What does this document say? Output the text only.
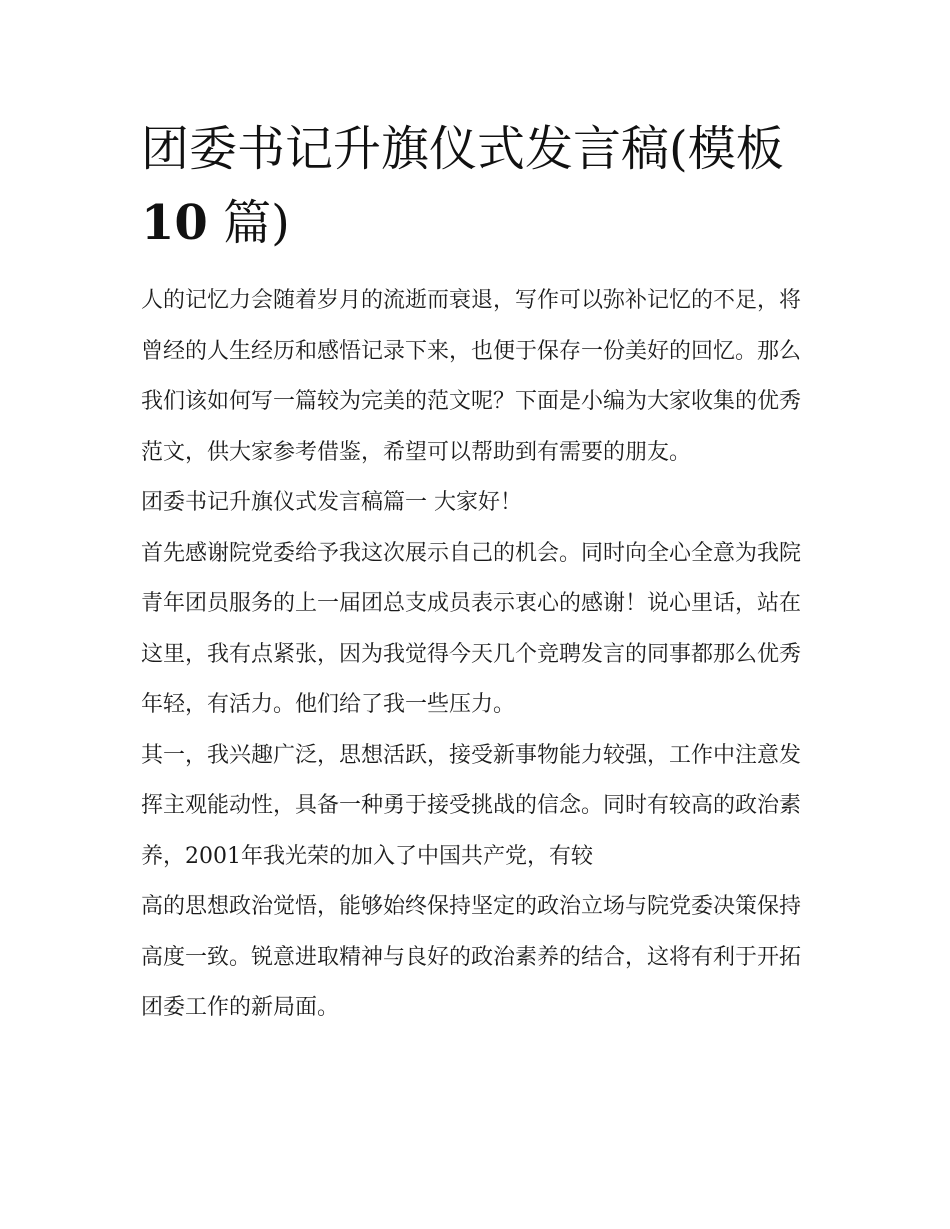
团委书记升旗仪式发言稿(模板
10 篇)

人的记忆力会随着岁月的流逝而衰退，写作可以弥补记忆的不足，将曾经的人生经历和感悟记录下来，也便于保存一份美好的回忆。那么我们该如何写一篇较为完美的范文呢？下面是小编为大家收集的优秀范文，供大家参考借鉴，希望可以帮助到有需要的朋友。

团委书记升旗仪式发言稿篇一 大家好！

首先感谢院党委给予我这次展示自己的机会。同时向全心全意为我院青年团员服务的上一届团总支成员表示衷心的感谢！说心里话，站在这里，我有点紧张，因为我觉得今天几个竞聘发言的同事都那么优秀年轻，有活力。他们给了我一些压力。

其一，我兴趣广泛，思想活跃，接受新事物能力较强，工作中注意发挥主观能动性，具备一种勇于接受挑战的信念。同时有较高的政治素养，2001年我光荣的加入了中国共产党，有较

高的思想政治觉悟，能够始终保持坚定的政治立场与院党委决策保持高度一致。锐意进取精神与良好的政治素养的结合，这将有利于开拓团委工作的新局面。
